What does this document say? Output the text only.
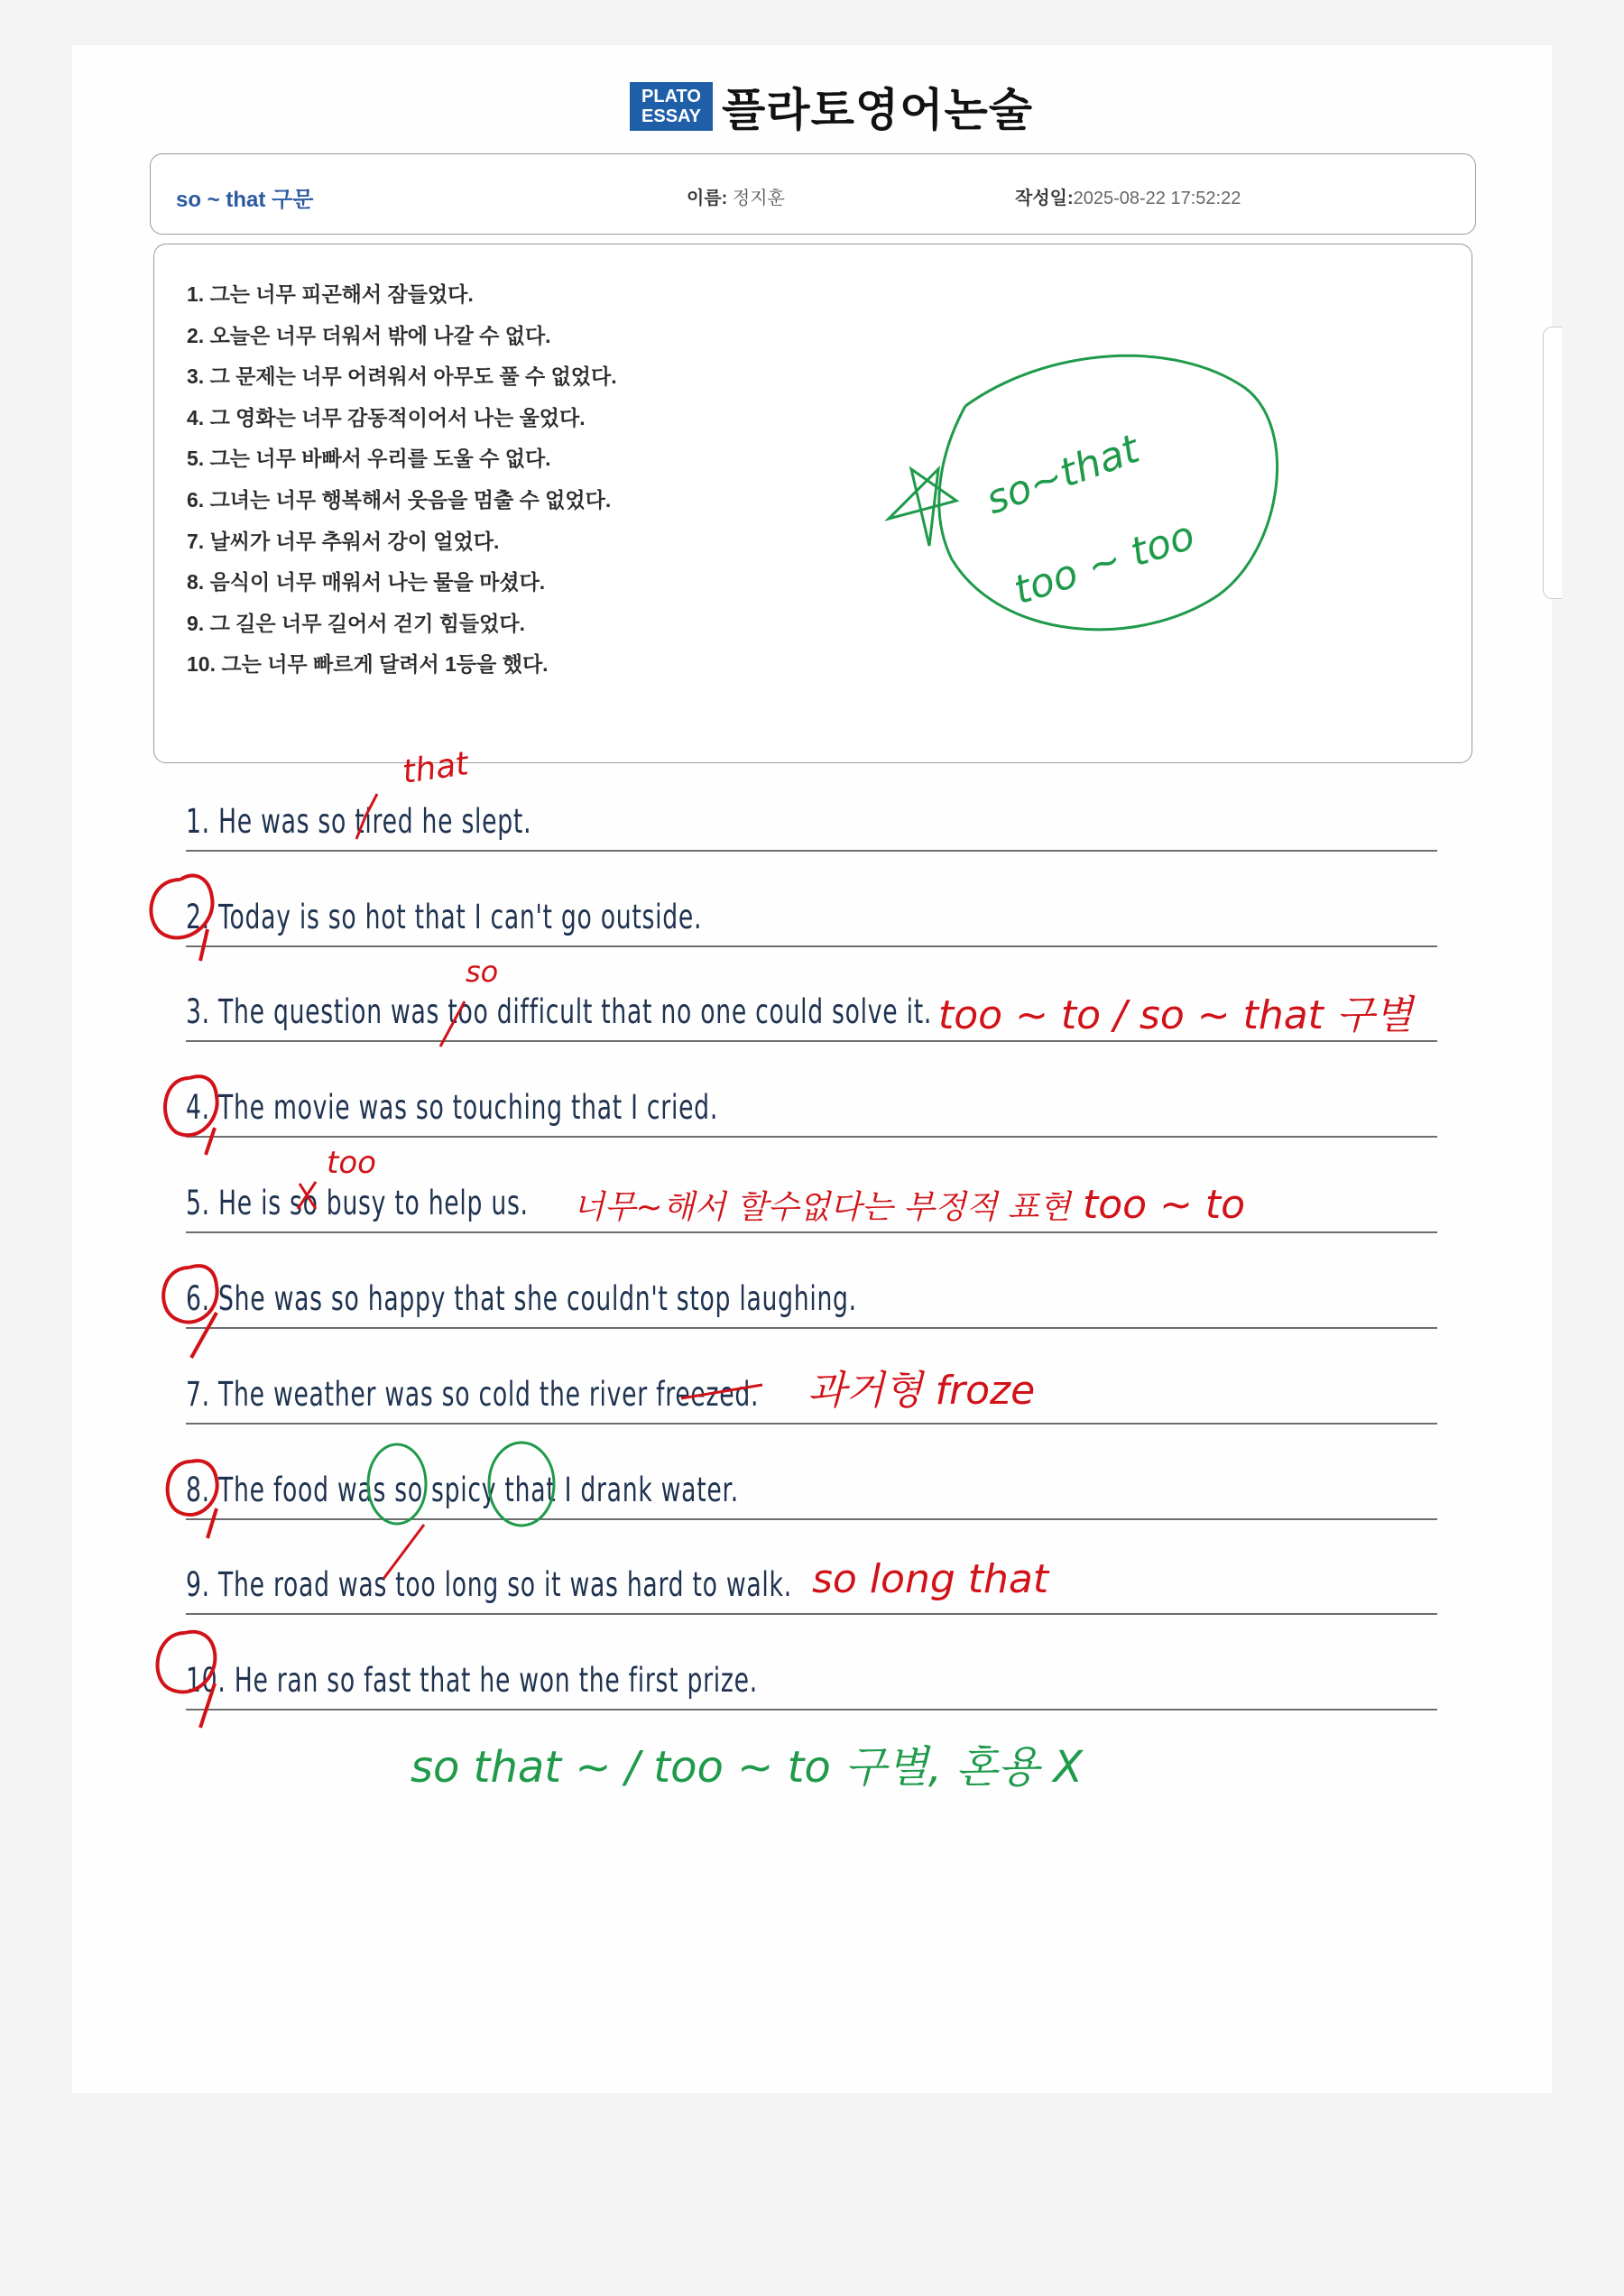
PLATO
ESSAY 플라토영어논술
so ~ that 구문	이름: 정지훈	작성일:2025-08-22 17:52:22
1. 그는 너무 피곤해서 잠들었다.
2. 오늘은 너무 더워서 밖에 나갈 수 없다.
3. 그 문제는 너무 어려워서 아무도 풀 수 없었다.
4. 그 영화는 너무 감동적이어서 나는 울었다.
5. 그는 너무 바빠서 우리를 도울 수 없다.
6. 그녀는 너무 행복해서 웃음을 멈출 수 없었다.
7. 날씨가 너무 추워서 강이 얼었다.
8. 음식이 너무 매워서 나는 물을 마셨다.
9. 그 길은 너무 길어서 걷기 힘들었다.
10. 그는 너무 빠르게 달려서 1등을 했다.
1. He was so tired he slept.
2. Today is so hot that I can't go outside.
3. The question was too difficult that no one could solve it.
4. The movie was so touching that I cried.
5. He is so busy to help us.
6. She was so happy that she couldn't stop laughing.
7. The weather was so cold the river freezed.
8. The food was so spicy that I drank water.
9. The road was too long so it was hard to walk.
10. He ran so fast that he won the first prize.
so~that
too ~ too
that
so
too ~ to / so ~ that 구별
too
너무~해서 할수없다는 부정적 표현 too ~ to
과거형 froze
so long that
so that ~ / too ~ to 구별, 혼용 X
